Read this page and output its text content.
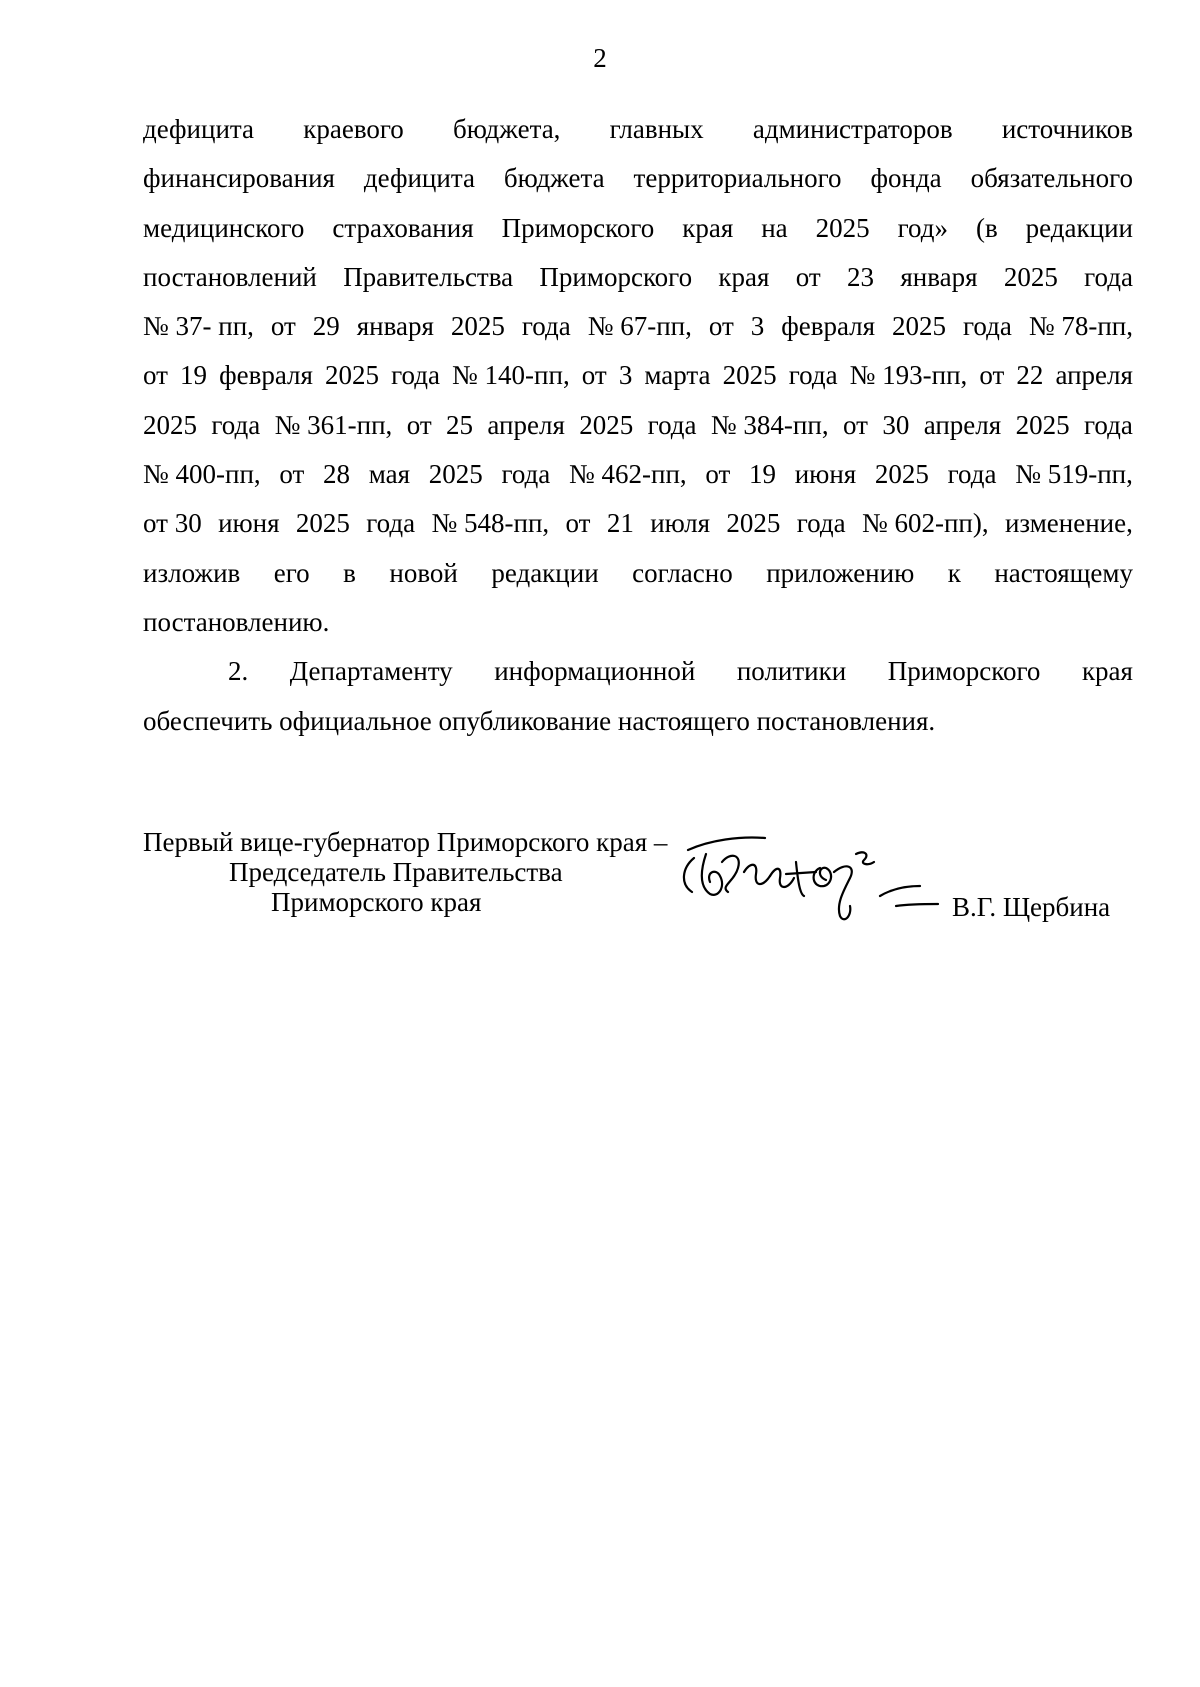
2
дефицита краевого бюджета, главных администраторов источников
финансирования дефицита бюджета территориального фонда обязательного
медицинского страхования Приморского края на 2025 год» (в редакции
постановлений Правительства Приморского края от 23 января 2025 года
№ 37- пп, от 29 января 2025 года № 67-пп, от 3 февраля 2025 года № 78-пп,
от 19 февраля 2025 года № 140-пп, от 3 марта 2025 года № 193-пп, от 22 апреля
2025 года № 361-пп, от 25 апреля 2025 года № 384-пп, от 30 апреля 2025 года
№ 400-пп, от 28 мая 2025 года № 462-пп, от 19 июня 2025 года № 519-пп,
от 30 июня 2025 года № 548-пп, от 21 июля 2025 года № 602-пп), изменение,
изложив его в новой редакции согласно приложению к настоящему
постановлению.
2. Департаменту информационной политики Приморского края
обеспечить официальное опубликование настоящего постановления.
Первый вице-губернатор Приморского края –
Председатель Правительства
Приморского края	В.Г. Щербина
